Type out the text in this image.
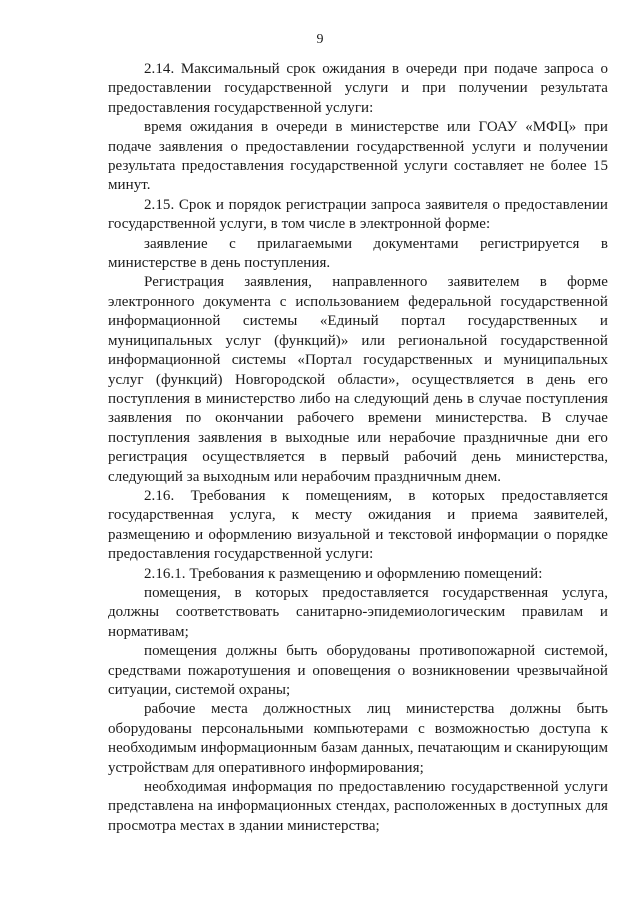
9

2.14. Максимальный срок ожидания в очереди при подаче запроса о предоставлении государственной услуги и при получении результата предоставления государственной услуги:

время ожидания в очереди в министерстве или ГОАУ «МФЦ» при подаче заявления о предоставлении государственной услуги и получении результата предоставления государственной услуги составляет не более 15 минут.

2.15. Срок и порядок регистрации запроса заявителя о предоставлении государственной услуги, в том числе в электронной форме:

заявление с прилагаемыми документами регистрируется в министерстве в день поступления.

Регистрация заявления, направленного заявителем в форме электронного документа с использованием федеральной государственной информационной системы «Единый портал государственных и муниципальных услуг (функций)» или региональной государственной информационной системы «Портал государственных и муниципальных услуг (функций) Новгородской области», осуществляется в день его поступления в министерство либо на следующий день в случае поступления заявления по окончании рабочего времени министерства. В случае поступления заявления в выходные или нерабочие праздничные дни его регистрация осуществляется в первый рабочий день министерства, следующий за выходным или нерабочим праздничным днем.

2.16. Требования к помещениям, в которых предоставляется государственная услуга, к месту ожидания и приема заявителей, размещению и оформлению визуальной и текстовой информации о порядке предоставления государственной услуги:

2.16.1. Требования к размещению и оформлению помещений:

помещения, в которых предоставляется государственная услуга, должны соответствовать санитарно-эпидемиологическим правилам и нормативам;

помещения должны быть оборудованы противопожарной системой, средствами пожаротушения и оповещения о возникновении чрезвычайной ситуации, системой охраны;

рабочие места должностных лиц министерства должны быть оборудованы персональными компьютерами с возможностью доступа к необходимым информационным базам данных, печатающим и сканирующим устройствам для оперативного информирования;

необходимая информация по предоставлению государственной услуги представлена на информационных стендах, расположенных в доступных для просмотра местах в здании министерства;
